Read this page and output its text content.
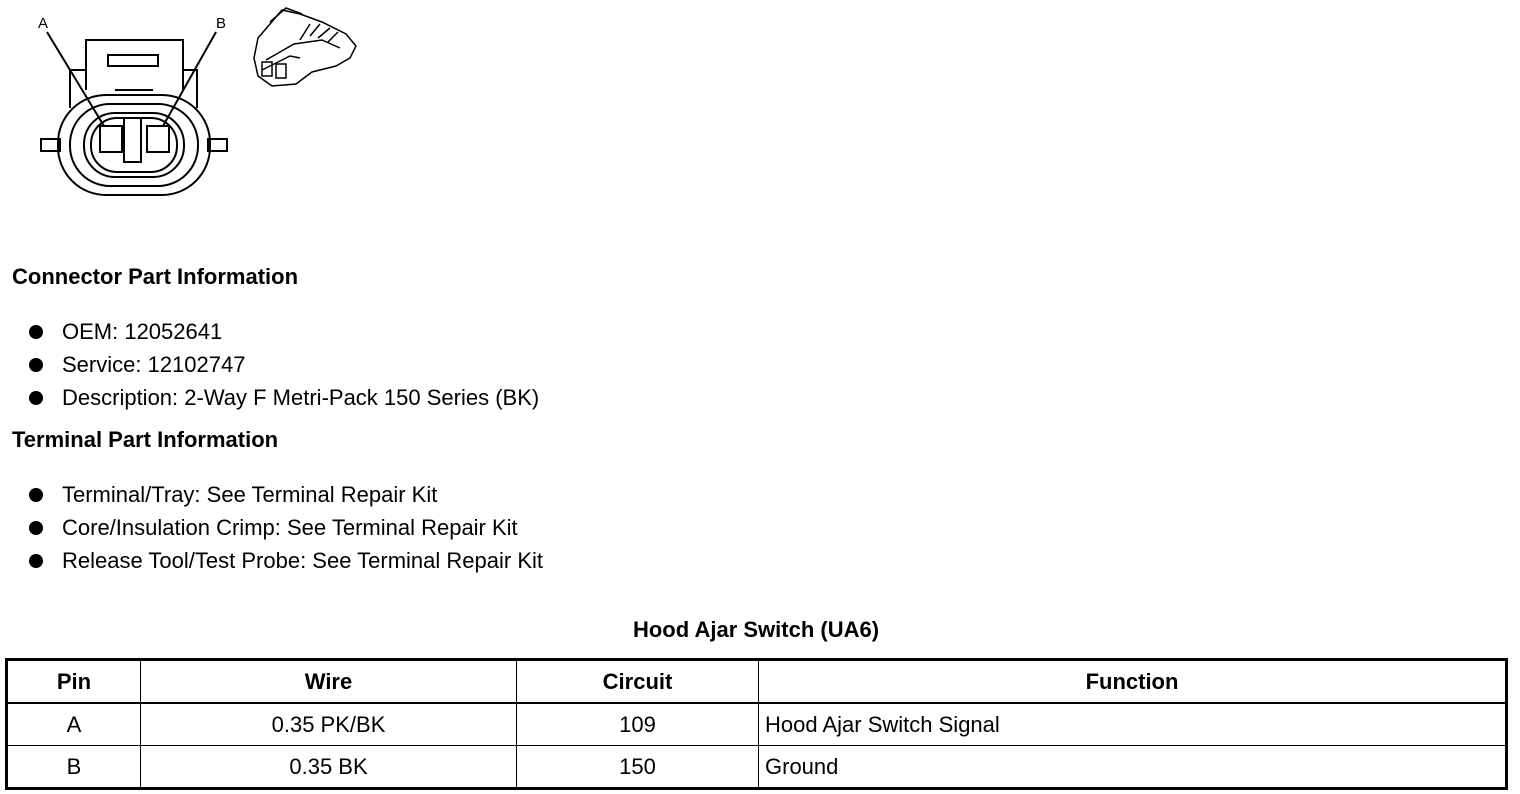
A	B
Connector Part Information
OEM: 12052641
Service: 12102747
Description: 2-Way F Metri-Pack 150 Series (BK)
Terminal Part Information
Terminal/Tray: See Terminal Repair Kit
Core/Insulation Crimp: See Terminal Repair Kit
Release Tool/Test Probe: See Terminal Repair Kit
Hood Ajar Switch (UA6)
Pin	Wire	Circuit	Function
A	0.35 PK/BK	109	Hood Ajar Switch Signal
B	0.35 BK	150	Ground
